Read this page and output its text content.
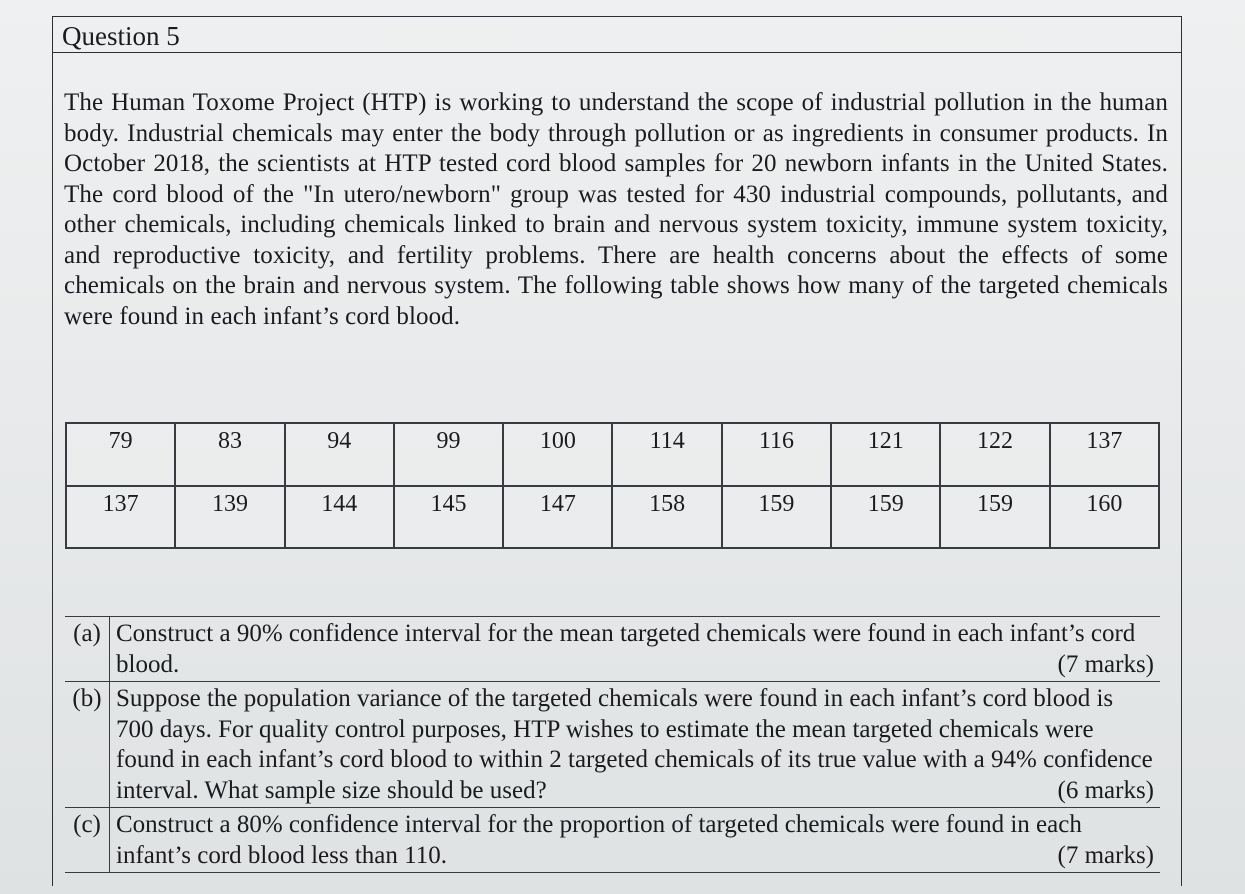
Question 5
The Human Toxome Project (HTP) is working to understand the scope of industrial pollution in the human body. Industrial chemicals may enter the body through pollution or as ingredients in consumer products. In October 2018, the scientists at HTP tested cord blood samples for 20 newborn infants in the United States. The cord blood of the "In utero/newborn" group was tested for 430 industrial compounds, pollutants, and other chemicals, including chemicals linked to brain and nervous system toxicity, immune system toxicity, and reproductive toxicity, and fertility problems. There are health concerns about the effects of some chemicals on the brain and nervous system. The following table shows how many of the targeted chemicals were found in each infant’s cord blood.
79	83	94	99	100	114	116	121	122	137
137	139	144	145	147	158	159	159	159	160
(a)	Construct a 90% confidence interval for the mean targeted chemicals were found in each infant’s cord blood. (7 marks)

(b)	Suppose the population variance of the targeted chemicals were found in each infant’s cord blood is 700 days. For quality control purposes, HTP wishes to estimate the mean targeted chemicals were found in each infant’s cord blood to within 2 targeted chemicals of its true value with a 94% confidence interval. What sample size should be used? (6 marks)

(c)	Construct a 80% confidence interval for the proportion of targeted chemicals were found in each infant’s cord blood less than 110. (7 marks)
